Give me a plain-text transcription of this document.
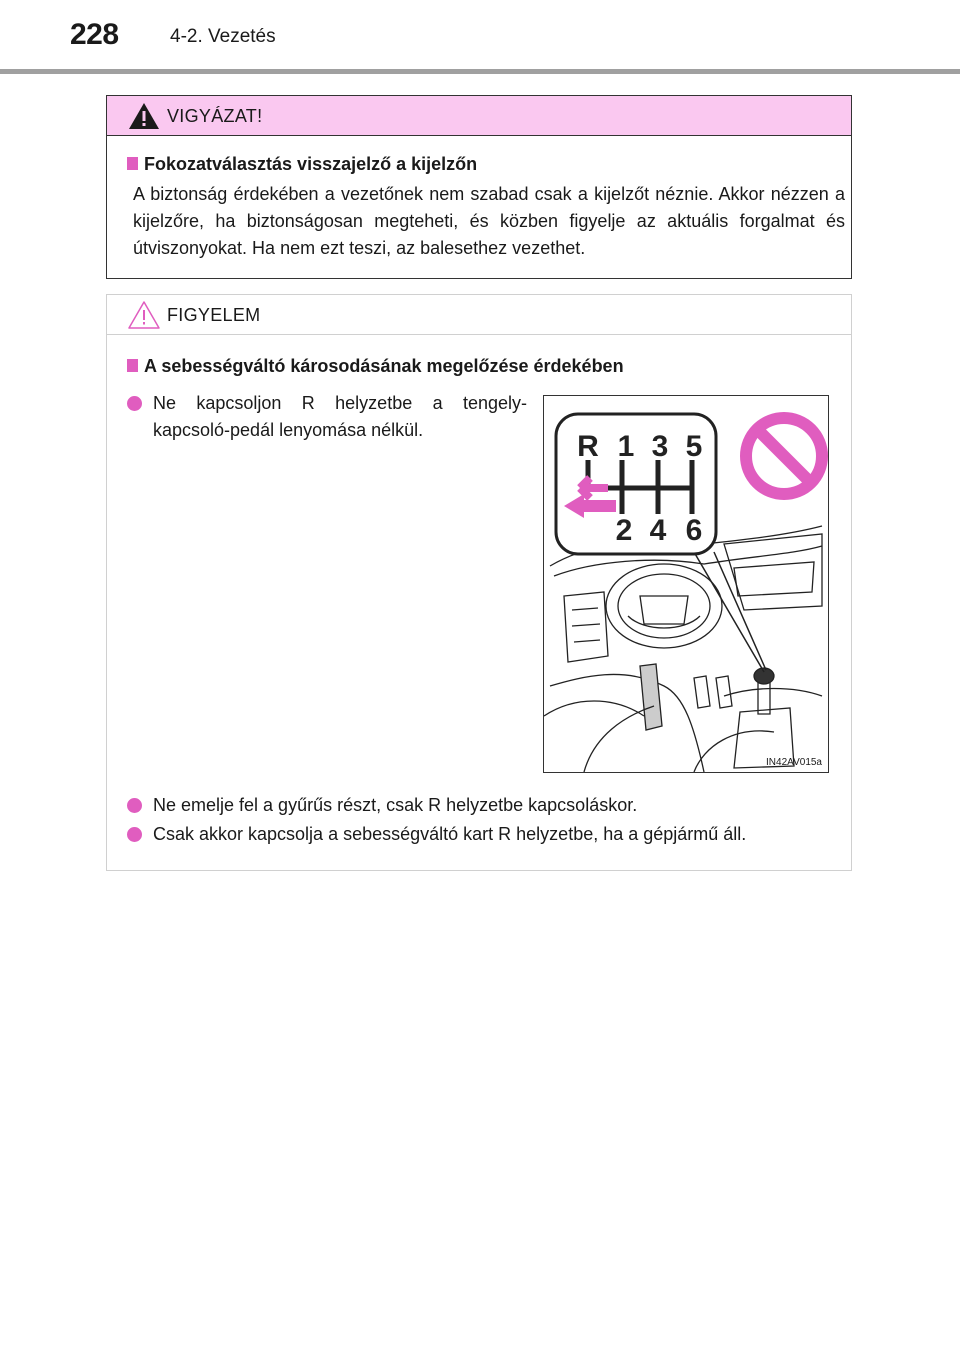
228	4-2. Vezetés
VIGYÁZAT!
Fokozatválasztás visszajelző a kijelzőn
A biztonság érdekében a vezetőnek nem szabad csak a kijelzőt néznie. Akkor nézzen a kijelzőre, ha biztonságosan megteheti, és közben figyelje az aktuális forgalmat és útviszonyokat. Ha nem ezt teszi, az balesethez vezethet.
FIGYELEM
A sebességváltó károsodásának megelőzése érdekében
Ne kapcsoljon R helyzetbe a tengely-
kapcsoló-pedál lenyomása nélkül.	R 1 3 5
2 4 6
IN42AV015a
Ne emelje fel a gyűrűs részt, csak R helyzetbe kapcsoláskor.
Csak akkor kapcsolja a sebességváltó kart R helyzetbe, ha a gépjármű áll.
